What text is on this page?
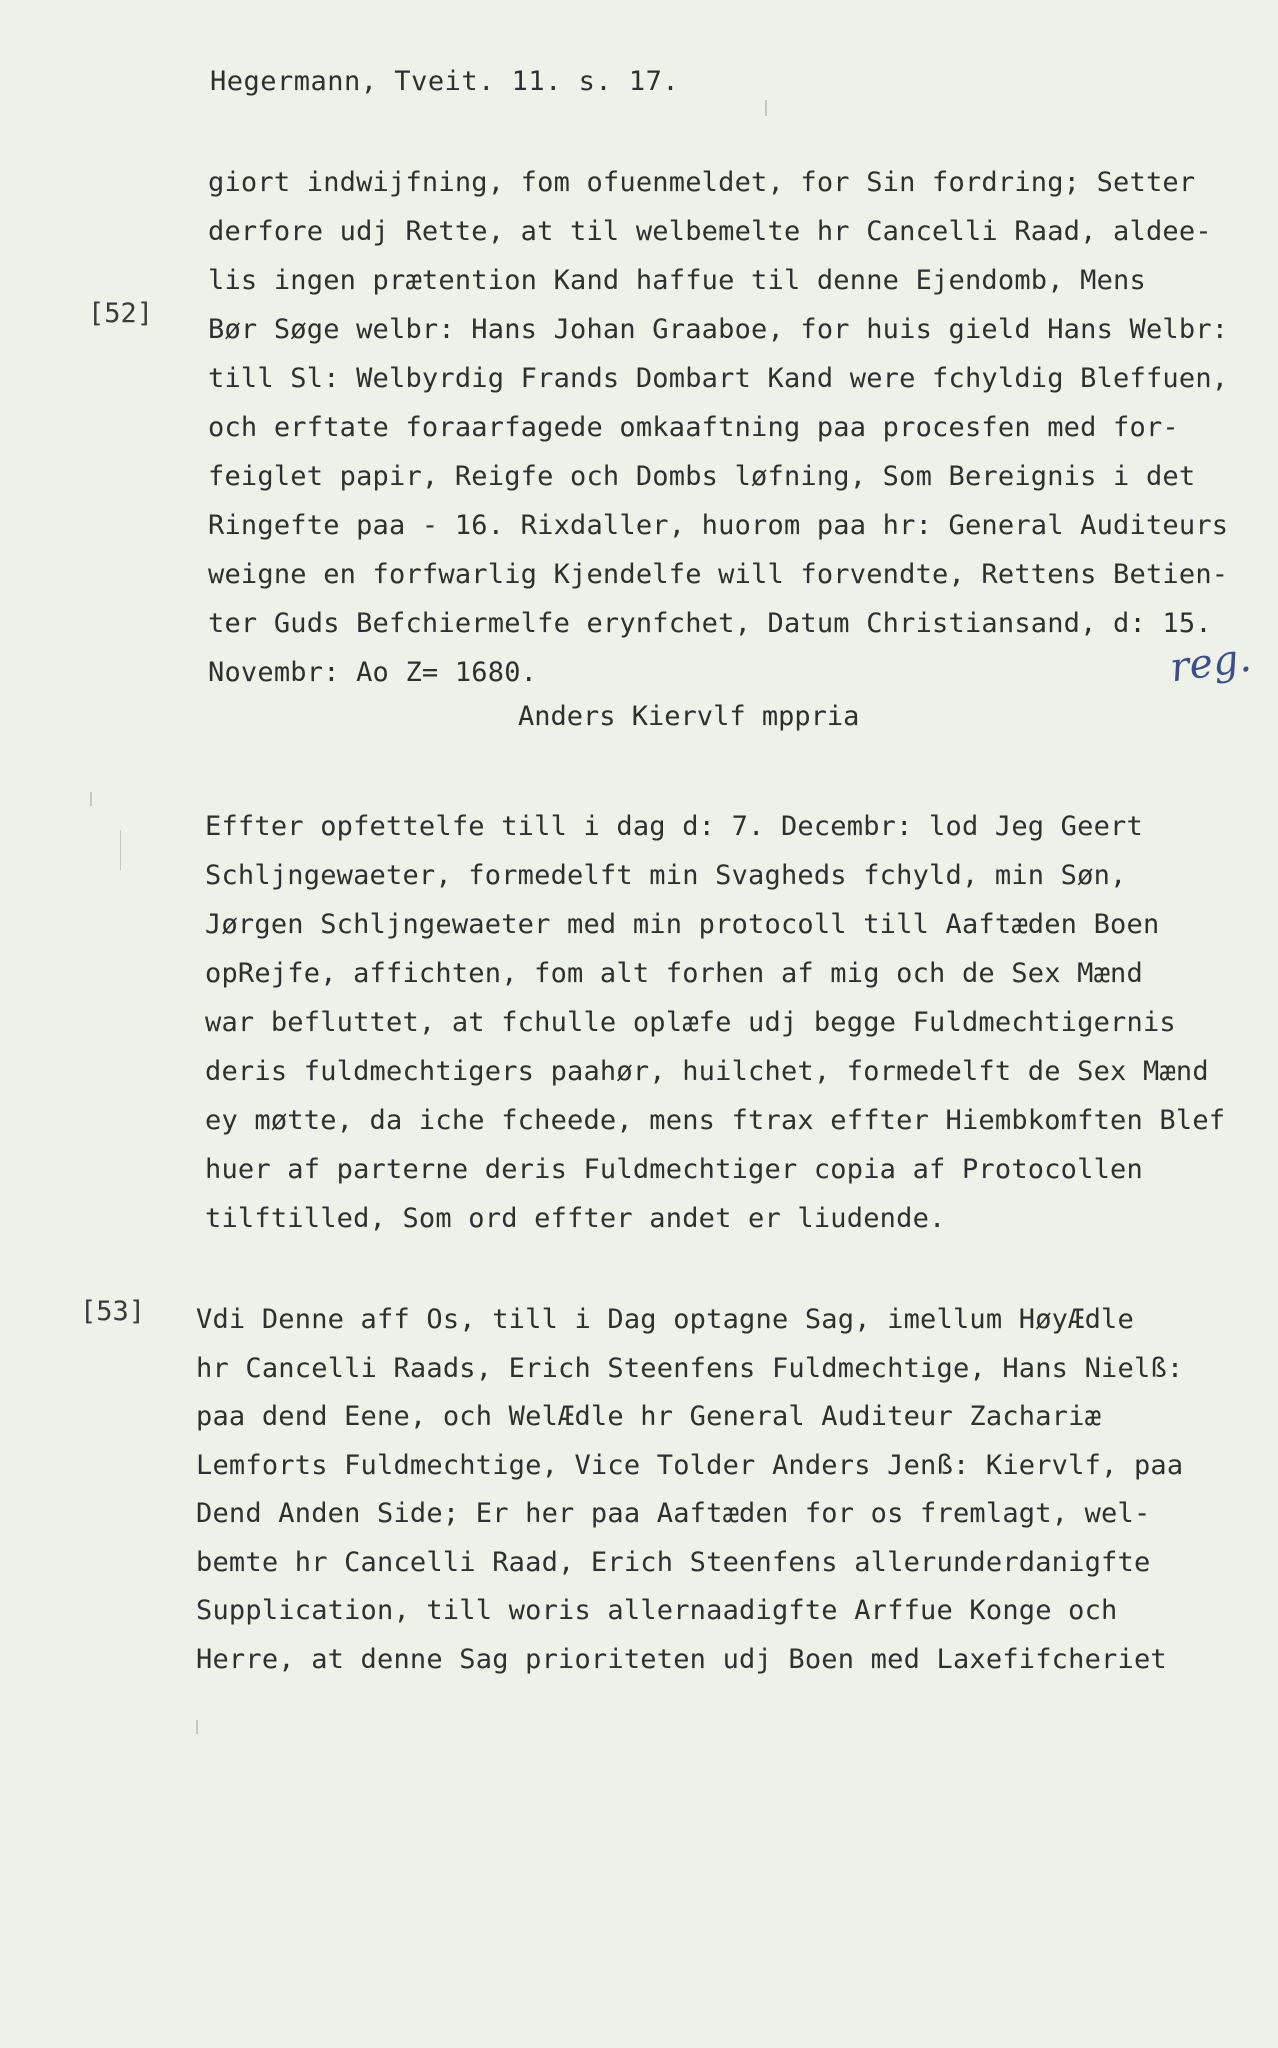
Hegermann, Tveit. 11. s. 17.
[52]
[53]
reg.
giort indwijfning, fom ofuenmeldet, for Sin fordring; Setter
derfore udj Rette, at til welbemelte hr Cancelli Raad, aldee-
lis ingen prætention Kand haffue til denne Ejendomb, Mens
Bør Søge welbr: Hans Johan Graaboe, for huis gield Hans Welbr:
till Sl: Welbyrdig Frands Dombart Kand were fchyldig Bleffuen,
och erftate foraarfagede omkaaftning paa procesfen med for-
feiglet papir, Reigfe och Dombs løfning, Som Bereignis i det
Ringefte paa - 16. Rixdaller, huorom paa hr: General Auditeurs
weigne en forfwarlig Kjendelfe will forvendte, Rettens Betien-
ter Guds Befchiermelfe erynfchet, Datum Christiansand, d: 15.
Novembr: Ao Z= 1680.
Anders Kiervlf mppria
Effter opfettelfe till i dag d: 7. Decembr: lod Jeg Geert
Schljngewaeter, formedelft min Svagheds fchyld, min Søn,
Jørgen Schljngewaeter med min protocoll till Aaftæden Boen
opRejfe, affichten, fom alt forhen af mig och de Sex Mænd
war befluttet, at fchulle oplæfe udj begge Fuldmechtigernis
deris fuldmechtigers paahør, huilchet, formedelft de Sex Mænd
ey møtte, da iche fcheede, mens ftrax effter Hiembkomften Blef
huer af parterne deris Fuldmechtiger copia af Protocollen
tilftilled, Som ord effter andet er liudende.
Vdi Denne aff Os, till i Dag optagne Sag, imellum HøyÆdle
hr Cancelli Raads, Erich Steenfens Fuldmechtige, Hans Nielß:
paa dend Eene, och WelÆdle hr General Auditeur Zachariæ
Lemforts Fuldmechtige, Vice Tolder Anders Jenß: Kiervlf, paa
Dend Anden Side; Er her paa Aaftæden for os fremlagt, wel-
bemte hr Cancelli Raad, Erich Steenfens allerunderdanigfte
Supplication, till woris allernaadigfte Arffue Konge och
Herre, at denne Sag prioriteten udj Boen med Laxefifcheriet
